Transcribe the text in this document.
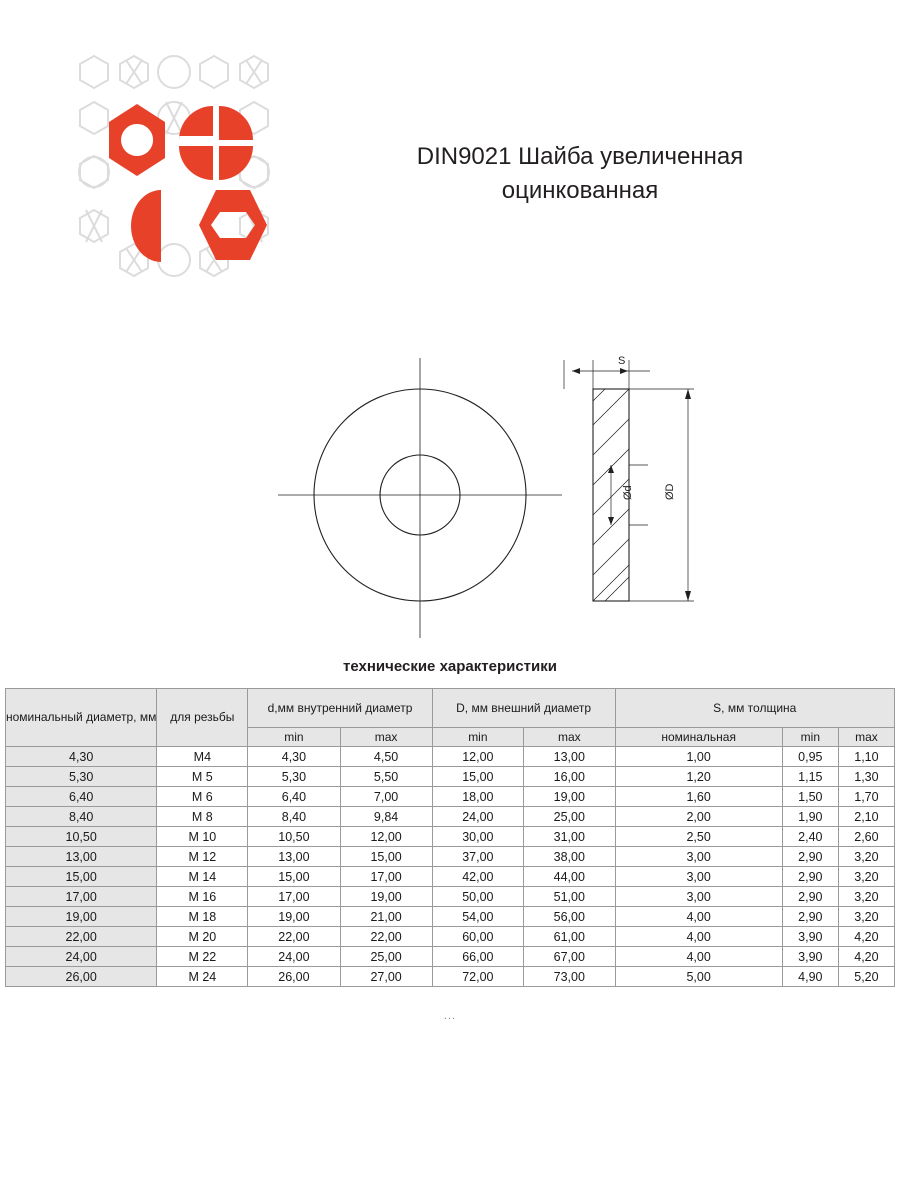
DIN9021 Шайба увеличенная
оцинкованная
S
Ød	ØD
технические характеристики
номинальный диаметр, мм	для резьбы	d,мм внутренний диаметр		D, мм внешний диаметр		S, мм толщина		
		min	max	min	max	номинальная	min	max
4,30	M4	4,30	4,50	12,00	13,00	1,00	0,95	1,10
5,30	M 5	5,30	5,50	15,00	16,00	1,20	1,15	1,30
6,40	M 6	6,40	7,00	18,00	19,00	1,60	1,50	1,70
8,40	M 8	8,40	9,84	24,00	25,00	2,00	1,90	2,10
10,50	M 10	10,50	12,00	30,00	31,00	2,50	2,40	2,60
13,00	M 12	13,00	15,00	37,00	38,00	3,00	2,90	3,20
15,00	M 14	15,00	17,00	42,00	44,00	3,00	2,90	3,20
17,00	M 16	17,00	19,00	50,00	51,00	3,00	2,90	3,20
19,00	M 18	19,00	21,00	54,00	56,00	4,00	2,90	3,20
22,00	M 20	22,00	22,00	60,00	61,00	4,00	3,90	4,20
24,00	M 22	24,00	25,00	66,00	67,00	4,00	3,90	4,20
26,00	M 24	26,00	27,00	72,00	73,00	5,00	4,90	5,20
...
